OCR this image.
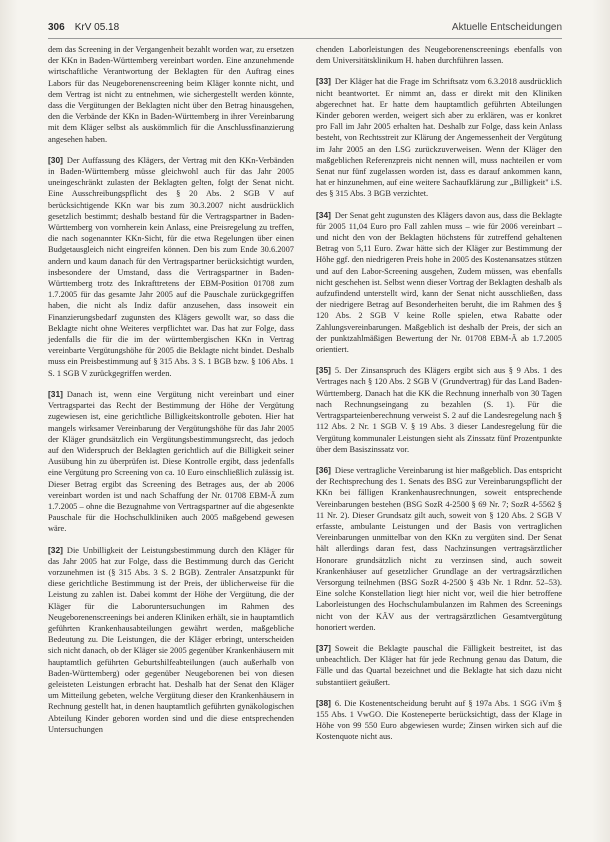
306 KrV 05.18	Aktuelle Entscheidungen

dem das Screening in der Vergangenheit bezahlt worden war, zu ersetzen der KKn in Baden-Württemberg vereinbart worden. Eine anzunehmende wirtschaftliche Verantwortung der Beklagten für den Auftrag eines Labors für das Neugeborenenscreening beim Kläger konnte nicht, und dem Vertrag ist nicht zu entnehmen, wie sichergestellt werden könnte, dass die Vergütungen der Beklagten nicht über den Betrag hinausgehen, den die Verbände der KKn in Baden-Württemberg in ihrer Vereinbarung mit dem Kläger selbst als auskömmlich für die Anschlussfinanzierung angesehen haben.

[30] Der Auffassung des Klägers, der Vertrag mit den KKn-Verbänden in Baden-Württemberg müsse gleichwohl auch für das Jahr 2005 uneingeschränkt zulasten der Beklagten gelten, folgt der Senat nicht. Eine Ausschreibungspflicht des § 20 Abs. 2 SGB V auf berücksichtigende KKn war bis zum 30.3.2007 nicht ausdrücklich gesetzlich bestimmt; deshalb bestand für die Vertragspartner in Baden-Württemberg von vornherein kein Anlass, eine Preisregelung zu treffen, die nach sogenannter KKn-Sicht, für die etwa Regelungen über einen Budgetausgleich nicht eingreifen können. Den bis zum Ende 30.6.2007 andern und kaum danach für den Vertragspartner berücksichtigt wurden, insbesondere der Umstand, dass die Vertragspartner in Baden-Württemberg trotz des Inkrafttretens der EBM-Position 01708 zum 1.7.2005 für das gesamte Jahr 2005 auf die Pauschale zurückgegriffen haben, die nicht als Indiz dafür anzusehen, dass insoweit ein Finanzierungsbedarf zugunsten des Klägers gewollt war, so dass die Beklagte nicht ohne Weiteres verpflichtet war. Das hat zur Folge, dass jedenfalls die für die im der württembergischen KKn in Vertrag vereinbarte Vergütungshöhe für 2005 die Beklagte nicht bindet. Deshalb muss ein Preisbestimmung auf § 315 Abs. 3 S. 1 BGB bzw. § 106 Abs. 1 S. 1 SGB V zurückgegriffen werden.

[31] Danach ist, wenn eine Vergütung nicht vereinbart und einer Vertragspartei das Recht der Bestimmung der Höhe der Vergütung zugewiesen ist, eine gerichtliche Billigkeitskontrolle geboten. Hier hat mangels wirksamer Vereinbarung der Vergütungshöhe für das Jahr 2005 der Kläger grundsätzlich ein Vergütungsbestimmungsrecht, das jedoch auf den Widerspruch der Beklagten gerichtlich auf die Billigkeit seiner Ausübung hin zu überprüfen ist. Diese Kontrolle ergibt, dass jedenfalls eine Vergütung pro Screening von ca. 10 Euro einschließlich zulässig ist. Dieser Betrag ergibt das Screening des Betrages aus, der ab 2006 vereinbart worden ist und nach Schaffung der Nr. 01708 EBM-Ä zum 1.7.2005 – ohne die Bezugnahme von Vertragspartner auf die abgesenkte Pauschale für die Hochschulkliniken auch 2005 maßgebend gewesen wäre.

[32] Die Unbilligkeit der Leistungsbestimmung durch den Kläger für das Jahr 2005 hat zur Folge, dass die Bestimmung durch das Gericht vorzunehmen ist (§ 315 Abs. 3 S. 2 BGB). Zentraler Ansatzpunkt für diese gerichtliche Bestimmung ist der Preis, der üblicherweise für die Leistung zu zahlen ist. Dabei kommt der Höhe der Vergütung, die der Kläger für die Laboruntersuchungen im Rahmen des Neugeborenenscreenings bei anderen Kliniken erhält, sie in hauptamtlich geführten Krankenhausabteilungen gewährt werden, maßgebliche Bedeutung zu. Die Leistungen, die der Kläger erbringt, unterscheiden sich nicht danach, ob der Kläger sie 2005 gegenüber Krankenhäusern mit hauptamtlich geführten Geburtshilfeabteilungen (auch außerhalb von Baden-Württemberg) oder gegenüber Neugeborenen bei von diesen geleisteten Leistungen erbracht hat. Deshalb hat der Senat den Kläger um Mitteilung gebeten, welche Vergütung dieser den Krankenhäusern in Rechnung gestellt hat, in denen hauptamtlich geführten gynäkologischen Abteilung Kinder geboren worden sind und die diese entsprechenden Untersuchungen

chenden Laborleistungen des Neugeborenenscreenings ebenfalls von dem Universitätsklinikum H. haben durchführen lassen.

[33] Der Kläger hat die Frage im Schriftsatz vom 6.3.2018 ausdrücklich nicht beantwortet. Er nimmt an, dass er direkt mit den Kliniken abgerechnet hat. Er hatte dem hauptamtlich geführten Abteilungen Kinder geboren werden, weigert sich aber zu erklären, was er konkret pro Fall im Jahr 2005 erhalten hat. Deshalb zur Folge, dass kein Anlass besteht, von Rechtsstreit zur Klärung der Angemessenheit der Vergütung im Jahr 2005 an den LSG zurückzuverweisen. Wenn der Kläger den maßgeblichen Referenzpreis nicht nennen will, muss nachteilen er vom Senat nur fünf zugelassen worden ist, dass es darauf ankommen kann, hat er hinzunehmen, auf eine weitere Sachaufklärung zur „Billigkeit" i.S. des § 315 Abs. 3 BGB verzichtet.

[34] Der Senat geht zugunsten des Klägers davon aus, dass die Beklagte für 2005 11,04 Euro pro Fall zahlen muss – wie für 2006 vereinbart – und nicht den von der Beklagten höchstens für zutreffend gehaltenen Betrag von 5,11 Euro. Zwar hätte sich der Kläger zur Bestimmung der Höhe ggf. den niedrigeren Preis hohe in 2005 des Kostenansatzes stützen und auf den Labor-Screening ausgehen, Zudem müssen, was ebenfalls nicht geschehen ist. Selbst wenn dieser Vortrag der Beklagten deshalb als aufzufindend unterstellt wird, kann der Senat nicht ausschließen, dass der niedrigere Betrag auf Besonderheiten beruht, die im Rahmen des § 120 Abs. 2 SGB V keine Rolle spielen, etwa Rabatte oder Zahlungsvereinbarungen. Maßgeblich ist deshalb der Preis, der sich an der punktzahlmäßigen Bewertung der Nr. 01708 EBM-Ä ab 1.7.2005 orientiert.

[35] 5. Der Zinsanspruch des Klägers ergibt sich aus § 9 Abs. 1 des Vertrages nach § 120 Abs. 2 SGB V (Grundvertrag) für das Land Baden-Württemberg. Danach hat die KK die Rechnung innerhalb von 30 Tagen nach Rechnungseingang zu bezahlen (S. 1). Für die Vertragsparteienberechnung verweist S. 2 auf die Landesregelung nach § 112 Abs. 2 Nr. 1 SGB V. § 19 Abs. 3 dieser Landesregelung für die Vergütung kommunaler Leistungen sieht als Zinssatz fünf Prozentpunkte über dem Basiszinssatz vor.

[36] Diese vertragliche Vereinbarung ist hier maßgeblich. Das entspricht der Rechtsprechung des 1. Senats des BSG zur Vereinbarungspflicht der KKn bei fälligen Krankenhausrechnungen, soweit entsprechende Vereinbarungen bestehen (BSG SozR 4-2500 § 69 Nr. 7; SozR 4-5562 § 11 Nr. 2). Dieser Grundsatz gilt auch, soweit von § 120 Abs. 2 SGB V erfasste, ambulante Leistungen und der Basis von vertraglichen Vereinbarungen unmittelbar von den KKn zu vergüten sind. Der Senat hält allerdings daran fest, dass Nachzinsungen vertragsärztlicher Honorare grundsätzlich nicht zu verzinsen sind, auch soweit Krankenhäuser auf gesetzlicher Grundlage an der vertragsärztlichen Versorgung teilnehmen (BSG SozR 4-2500 § 43b Nr. 1 Rdnr. 52–53). Eine solche Konstellation liegt hier nicht vor, weil die hier betroffene Laborleistungen des Hochschulambulanzen im Rahmen des Screenings nicht von der KÄV aus der vertragsärztlichen Gesamtvergütung honoriert werden.

[37] Soweit die Beklagte pauschal die Fälligkeit bestreitet, ist das unbeachtlich. Der Kläger hat für jede Rechnung genau das Datum, die Fälle und das Quartal bezeichnet und die Beklagte hat sich dazu nicht substantiiert geäußert.

[38] 6. Die Kostenentscheidung beruht auf § 197a Abs. 1 SGG iVm § 155 Abs. 1 VwGO. Die Kosteneperte berücksichtigt, dass der Klage in Höhe von 99 550 Euro abgewiesen wurde; Zinsen wirken sich auf die Kostenquote nicht aus.
